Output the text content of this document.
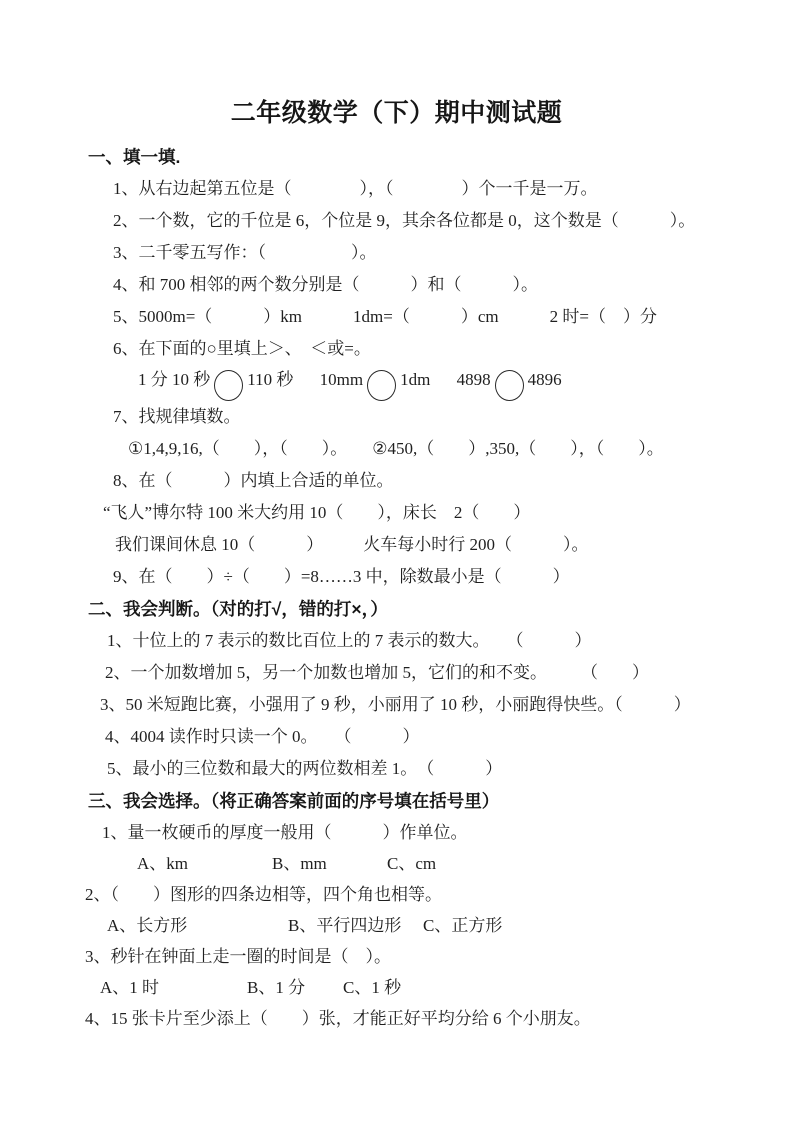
二年级数学（下）期中测试题
一、填一填.
1、从右边起第五位是（　　　　），（　　　　）个一千是一万。
2、一个数，它的千位是 6，个位是 9，其余各位都是 0，这个数是（　　　）。
3、二千零五写作：（　　　　　）。
4、和 700 相邻的两个数分别是（　　　）和（　　　）。
5、5000m=（　　　）km　　　1dm=（　　　）cm　　　2 时=（　）分
6、在下面的○里填上＞、　＜或=。
1 分 10 秒 110 秒 10mm 1dm 4898 4896
7、找规律填数。
①1,4,9,16,（　　），（　　）。 ②450,（　　）,350,（　　），（　　）。
8、在（　　　）内填上合适的单位。
“飞人”博尔特 100 米大约用 10（　　），床长　2（　　）
我们课间休息 10（　　　） 火车每小时行 200（　　　）。
9、在（　　）÷（　　）=8……3 中，除数最小是（　　　）
二、我会判断。（对的打√，错的打×，）
1、十位上的 7 表示的数比百位上的 7 表示的数大。　　（　　　）
2、一个加数增加 5，另一个加数也增加 5，它们的和不变。　　　（　　）
3、50 米短跑比赛，小强用了 9 秒，小丽用了 10 秒，小丽跑得快些。（　　　）
4、4004 读作时只读一个 0。　　（　　　）
5、最小的三位数和最大的两位数相差 1。　（　　　）
三、我会选择。（将正确答案前面的序号填在括号里）
1、量一枚硬币的厚度一般用（　　　）作单位。
A、km	B、mm	C、cm
2、（　　）图形的四条边相等，四个角也相等。
A、长方形	B、平行四边形 C、正方形
3、秒针在钟面上走一圈的时间是（　）。
A、1 时	B、1 分 C、1 秒
4、15 张卡片至少添上（　　）张，才能正好平均分给 6 个小朋友。
